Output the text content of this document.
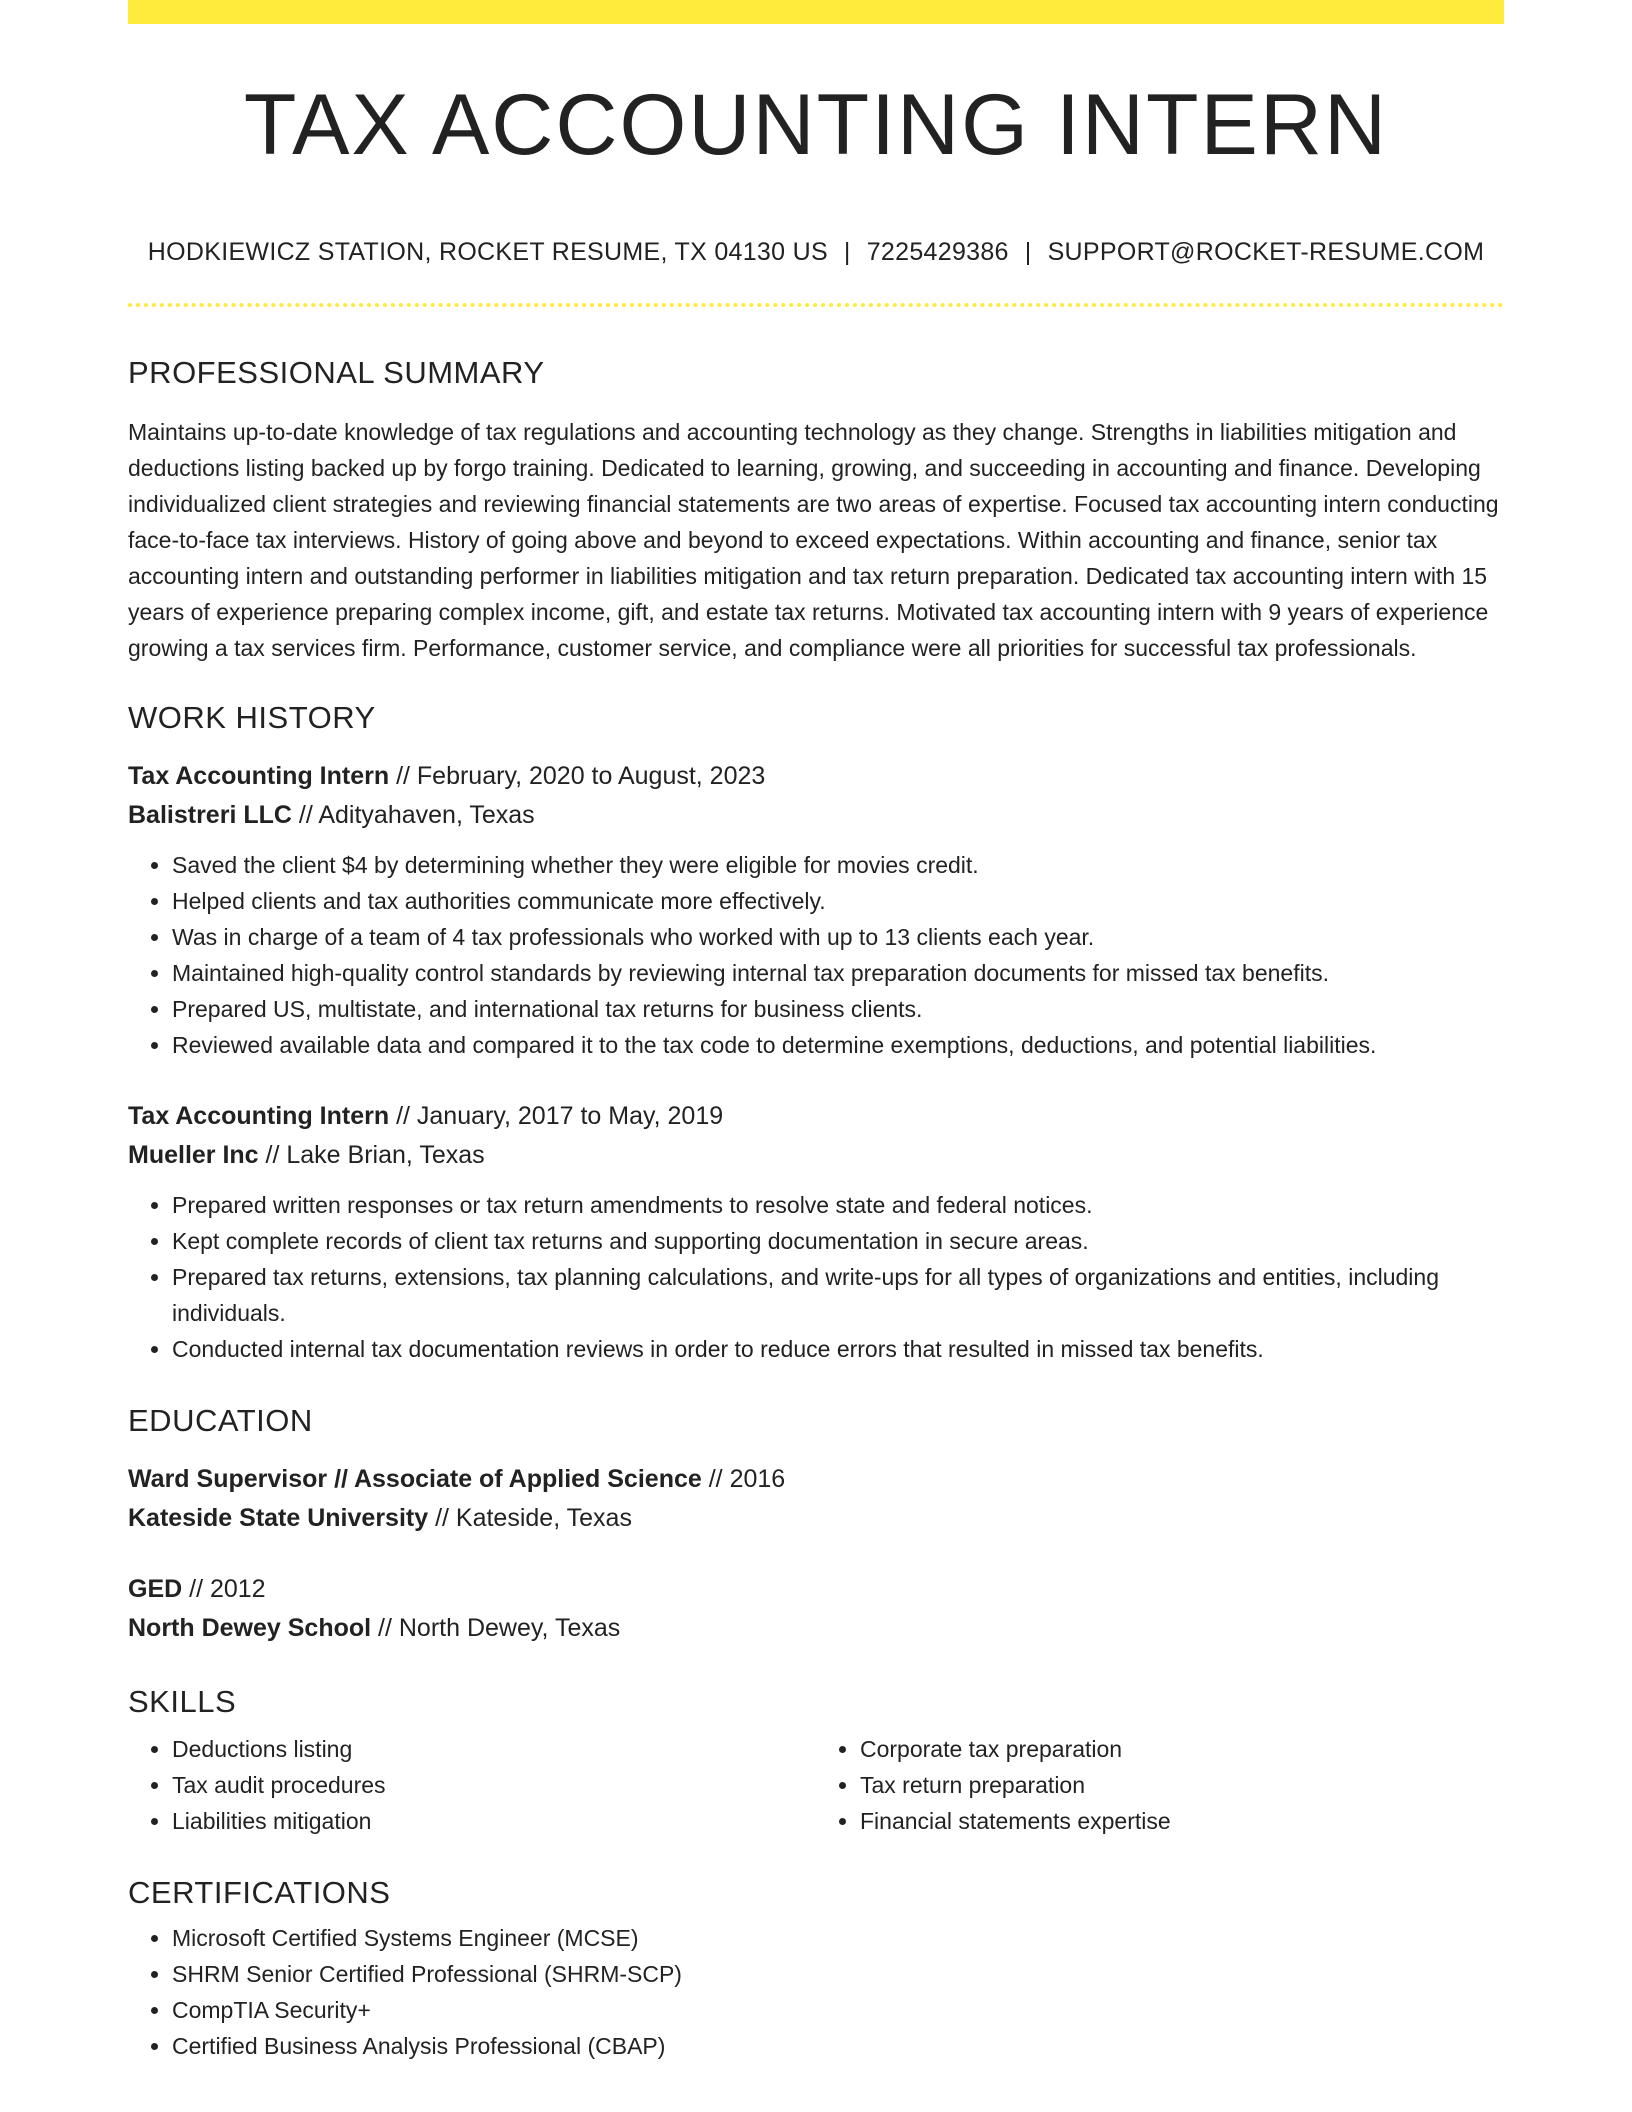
TAX ACCOUNTING INTERN
HODKIEWICZ STATION, ROCKET RESUME, TX 04130 US | 7225429386 | SUPPORT@ROCKET-RESUME.COM
PROFESSIONAL SUMMARY
Maintains up-to-date knowledge of tax regulations and accounting technology as they change. Strengths in liabilities mitigation and deductions listing backed up by forgo training. Dedicated to learning, growing, and succeeding in accounting and finance. Developing individualized client strategies and reviewing financial statements are two areas of expertise. Focused tax accounting intern conducting face-to-face tax interviews. History of going above and beyond to exceed expectations. Within accounting and finance, senior tax accounting intern and outstanding performer in liabilities mitigation and tax return preparation. Dedicated tax accounting intern with 15 years of experience preparing complex income, gift, and estate tax returns. Motivated tax accounting intern with 9 years of experience growing a tax services firm. Performance, customer service, and compliance were all priorities for successful tax professionals.
WORK HISTORY
Tax Accounting Intern // February, 2020 to August, 2023
Balistreri LLC // Adityahaven, Texas
• Saved the client $4 by determining whether they were eligible for movies credit.
• Helped clients and tax authorities communicate more effectively.
• Was in charge of a team of 4 tax professionals who worked with up to 13 clients each year.
• Maintained high-quality control standards by reviewing internal tax preparation documents for missed tax benefits.
• Prepared US, multistate, and international tax returns for business clients.
• Reviewed available data and compared it to the tax code to determine exemptions, deductions, and potential liabilities.
Tax Accounting Intern // January, 2017 to May, 2019
Mueller Inc // Lake Brian, Texas
• Prepared written responses or tax return amendments to resolve state and federal notices.
• Kept complete records of client tax returns and supporting documentation in secure areas.
• Prepared tax returns, extensions, tax planning calculations, and write-ups for all types of organizations and entities, including individuals.
• Conducted internal tax documentation reviews in order to reduce errors that resulted in missed tax benefits.
EDUCATION
Ward Supervisor // Associate of Applied Science // 2016
Kateside State University // Kateside, Texas
GED // 2012
North Dewey School // North Dewey, Texas
SKILLS
• Deductions listing
• Tax audit procedures
• Liabilities mitigation
• Corporate tax preparation
• Tax return preparation
• Financial statements expertise
CERTIFICATIONS
• Microsoft Certified Systems Engineer (MCSE)
• SHRM Senior Certified Professional (SHRM-SCP)
• CompTIA Security+
• Certified Business Analysis Professional (CBAP)
